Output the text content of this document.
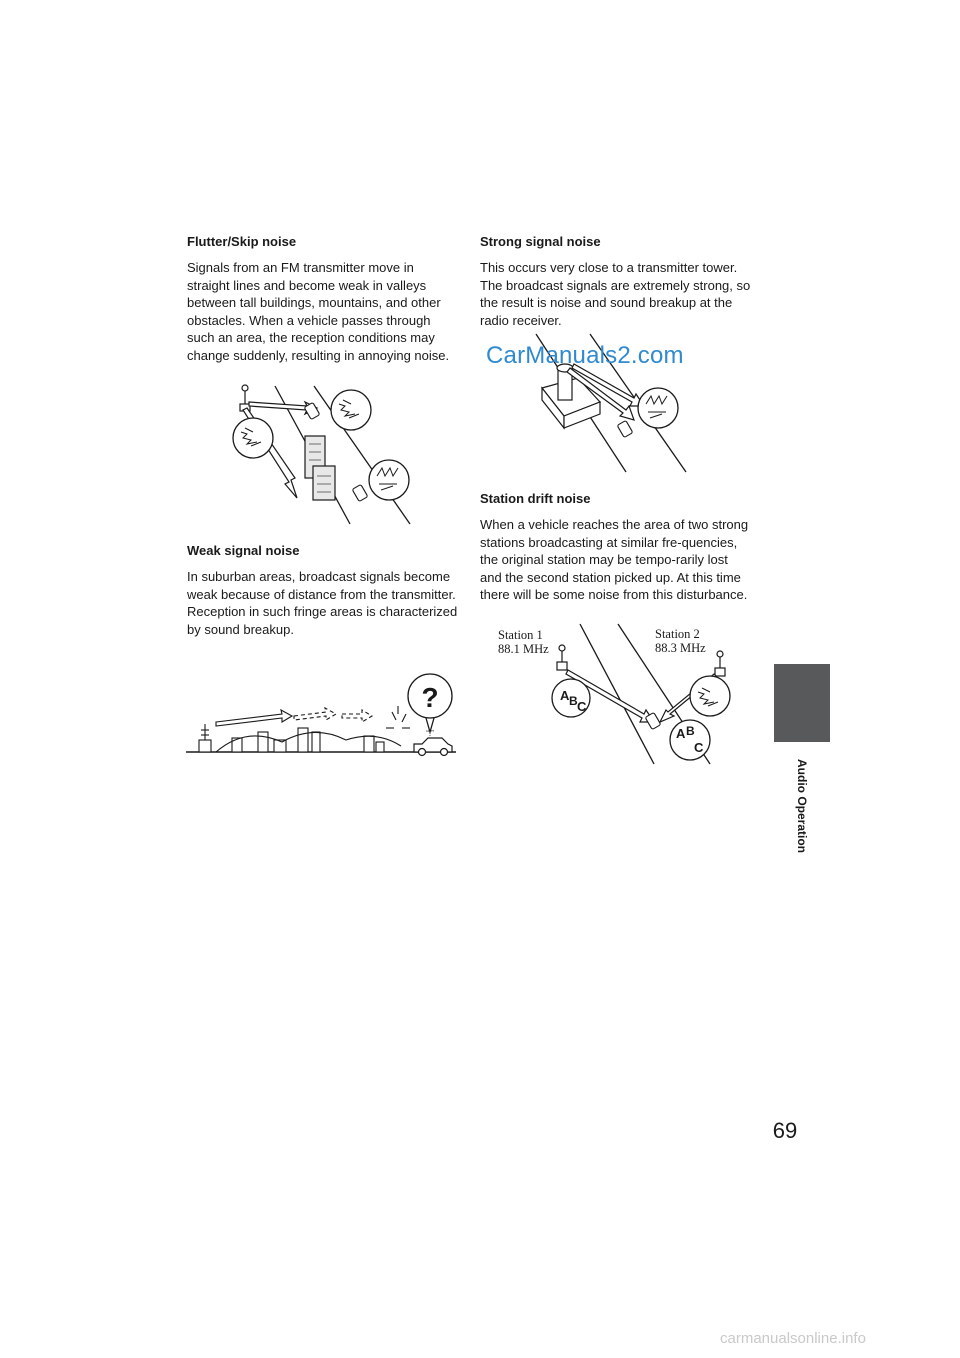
Flutter/Skip noise

Signals from an FM transmitter move in straight lines and become weak in valleys between tall buildings, mountains, and other obstacles. When a vehicle passes through such an area, the reception conditions may change suddenly, resulting in annoying noise.

Weak signal noise

In suburban areas, broadcast signals become weak because of distance from the transmitter. Reception in such fringe areas is characterized by sound breakup.

?
“!”

Strong signal noise

This occurs very close to a transmitter tower. The broadcast signals are extremely strong, so the result is noise and sound breakup at the radio receiver.

CarManuals2.com

Station drift noise

When a vehicle reaches the area of two strong stations broadcasting at similar fre-quencies, the original station may be tempo-rarily lost and the second station picked up. At this time there will be some noise from this disturbance.

A B C
A B
C

Station 1

88.1 MHz

Station 2

88.3 MHz

Audio Operation
69
carmanualsonline.info
